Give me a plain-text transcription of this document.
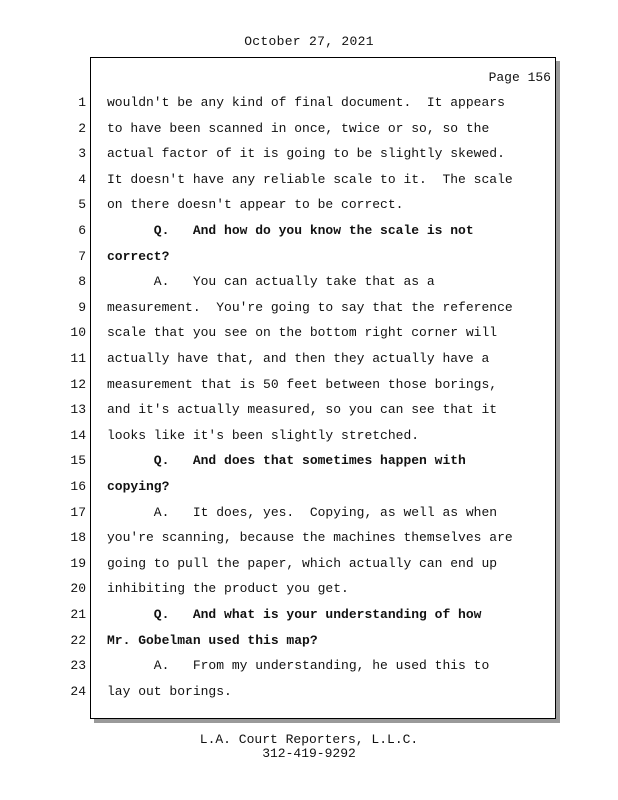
October 27, 2021
Page 156
1 wouldn't be any kind of final document.  It appears
2 to have been scanned in once, twice or so, so the
3 actual factor of it is going to be slightly skewed.
4 It doesn't have any reliable scale to it.  The scale
5 on there doesn't appear to be correct.
6 Q.   And how do you know the scale is not
7 correct?
8 A.   You can actually take that as a
9 measurement.  You're going to say that the reference
10 scale that you see on the bottom right corner will
11 actually have that, and then they actually have a
12 measurement that is 50 feet between those borings,
13 and it's actually measured, so you can see that it
14 looks like it's been slightly stretched.
15 Q.   And does that sometimes happen with
16 copying?
17 A.   It does, yes.  Copying, as well as when
18 you're scanning, because the machines themselves are
19 going to pull the paper, which actually can end up
20 inhibiting the product you get.
21 Q.   And what is your understanding of how
22 Mr. Gobelman used this map?
23 A.   From my understanding, he used this to
24 lay out borings.
L.A. Court Reporters, L.L.C.
312-419-9292
